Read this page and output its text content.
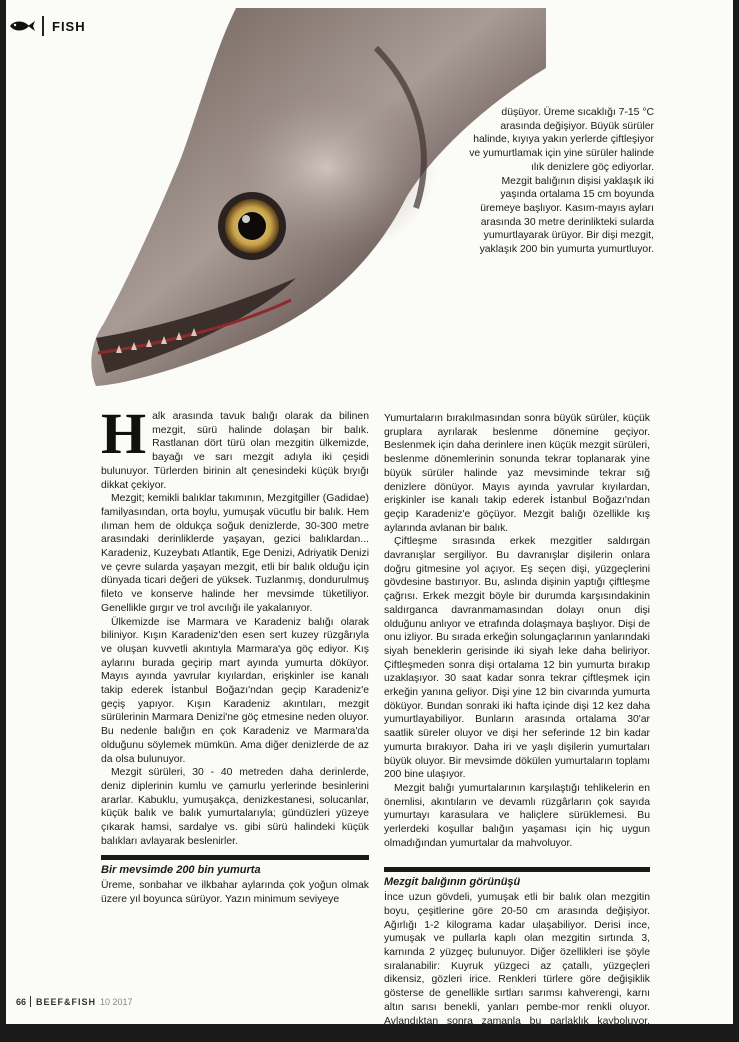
FISH

düşüyor. Üreme sıcaklığı 7-15 °C arasında değişiyor. Büyük sürüler halinde, kıyıya yakın yerlerde çiftleşiyor ve yumurtlamak için yine sürüler halinde ılık denizlere göç ediyorlar.

Mezgit balığının dişisi yaklaşık iki yaşında ortalama 15 cm boyunda üremeye başlıyor. Kasım-mayıs ayları arasında 30 metre derinlikteki sularda yumurtlayarak ürüyor. Bir dişi mezgit, yaklaşık 200 bin yumurta yumurtluyor.

H alk arasında tavuk balığı olarak da bilinen mezgit, sürü halinde dolaşan bir balık. Rastlanan dört türü olan mezgitin ülkemizde, bayağı ve sarı mezgit adıyla iki çeşidi bulunuyor. Türlerden birinin alt çenesindeki küçük bıyığı dikkat çekiyor.

Mezgit; kemikli balıklar takımının, Mezgitgiller (Gadidae) familyasından, orta boylu, yumuşak vücutlu bir balık. Hem ılıman hem de oldukça soğuk denizlerde, 30-300 metre arasındaki derinliklerde yaşayan, gezici balıklardan... Karadeniz, Kuzeybatı Atlantik, Ege Denizi, Adriyatik Denizi ve çevre sularda yaşayan mezgit, etli bir balık olduğu için dünyada ticari değeri de yüksek. Tuzlanmış, dondurulmuş fileto ve konserve halinde her mevsimde tüketiliyor. Genellikle gırgır ve trol avcılığı ile yakalanıyor.

Ülkemizde ise Marmara ve Karadeniz balığı olarak biliniyor. Kışın Karadeniz'den esen sert kuzey rüzgârıyla ve oluşan kuvvetli akıntıyla Marmara'ya göç ediyor. Kış aylarını burada geçirip mart ayında yumurta döküyor. Mayıs ayında yavrular kıyılardan, erişkinler ise kanalı takip ederek İstanbul Boğazı'ndan geçip Karadeniz'e geçiş yapıyor. Kışın Karadeniz akıntıları, mezgit sürülerinin Marmara Denizi'ne göç etmesine neden oluyor. Bu nedenle balığın en çok Karadeniz ve Marmara'da olduğunu söylemek mümkün. Ama diğer denizlerde de az da olsa bulunuyor.

Mezgit sürüleri, 30 - 40 metreden daha derinlerde, deniz diplerinin kumlu ve çamurlu yerlerinde besinlerini ararlar. Kabuklu, yumuşakça, denizkestanesi, solucanlar, küçük balık ve balık yumurtalarıyla; gündüzleri yüzeye çıkarak hamsi, sardalye vs. gibi sürü halindeki küçük balıkları avlayarak beslenirler.

Bir mevsimde 200 bin yumurta

Üreme, sonbahar ve ilkbahar aylarında çok yoğun olmak üzere yıl boyunca sürüyor. Yazın minimum seviyeye

Yumurtaların bırakılmasından sonra büyük sürüler, küçük gruplara ayrılarak beslenme dönemine geçiyor. Beslenmek için daha derinlere inen küçük mezgit sürüleri, beslenme dönemlerinin sonunda tekrar toplanarak yine büyük sürüler halinde yaz mevsiminde tekrar sığ denizlere dönüyor. Mayıs ayında yavrular kıyılardan, erişkinler ise kanalı takip ederek İstanbul Boğazı'ndan geçip Karadeniz'e göçüyor. Mezgit balığı özellikle kış aylarında avlanan bir balık.

Çiftleşme sırasında erkek mezgitler saldırgan davranışlar sergiliyor. Bu davranışlar dişilerin onlara doğru gitmesine yol açıyor. Eş seçen dişi, yüzgeçlerini gövdesine bastırıyor. Bu, aslında dişinin yaptığı çiftleşme çağrısı. Erkek mezgit böyle bir durumda karşısındakinin saldırganca davranmamasından dolayı onun dişi olduğunu anlıyor ve etrafında dolaşmaya başlıyor. Dişi de onu izliyor. Bu sırada erkeğin solungaçlarının yanlarındaki siyah beneklerin gerisinde iki siyah leke daha beliriyor. Çiftleşmeden sonra dişi ortalama 12 bin yumurta bırakıp uzaklaşıyor. 30 saat kadar sonra tekrar çiftleşmek için erkeğin yanına geliyor. Dişi yine 12 bin civarında yumurta döküyor. Bundan sonraki iki hafta içinde dişi 12 kez daha yumurtlayabiliyor. Bunların arasında ortalama 30'ar saatlik süreler oluyor ve dişi her seferinde 12 bin kadar yumurta bırakıyor. Daha iri ve yaşlı dişilerin yumurtaları büyük oluyor. Bir mevsimde dökülen yumurtaların toplamı 200 bine ulaşıyor.

Mezgit balığı yumurtalarının karşılaştığı tehlikelerin en önemlisi, akıntıların ve devamlı rüzgârların çok sayıda yumurtayı karasulara ve haliçlere sürüklemesi. Bu yerlerdeki koşullar balığın yaşaması için hiç uygun olmadığından yumurtalar da mahvoluyor.

Mezgit balığının görünüşü

İnce uzun gövdeli, yumuşak etli bir balık olan mezgitin boyu, çeşitlerine göre 20-50 cm arasında değişiyor. Ağırlığı 1-2 kilogramа kadar ulaşabiliyor. Derisi ince, yumuşak ve pullarla kaplı olan mezgitin sırtında 3, karnında 2 yüzgeç bulunuyor. Diğer özellikleri ise şöyle sıralanabilir: Kuyruk yüzgeci az çatallı, yüzgeçleri dikensiz, gözleri irice. Renkleri türlere göre değişiklik gösterse de genellikle sırtları sarımsı kahverengi, karnı altın sarısı benekli, yanları pembe-mor renkli oluyor. Avlandıktan sonra zamanla bu parlaklık kayboluyor. Göğüs yüzgeçlerinin dibinde bulunan bi-

66 BEEF&FISH 10 2017
